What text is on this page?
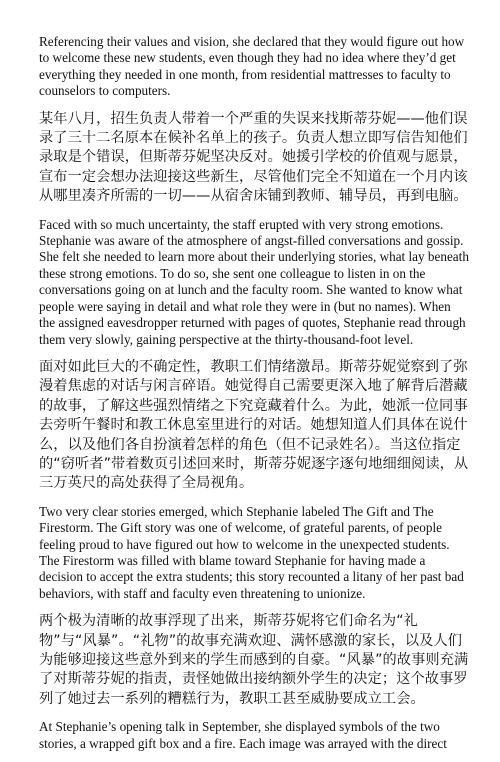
Referencing their values and vision, she declared that they would figure out how to welcome these new students, even though they had no idea where they’d get everything they needed in one month, from residential mattresses to faculty to counselors to computers.

某年八月，招生负责人带着一个严重的失误来找斯蒂芬妮——他们误录了三十二名原本在候补名单上的孩子。负责人想立即写信告知他们录取是个错误，但斯蒂芬妮坚决反对。她援引学校的价值观与愿景，宣布一定会想办法迎接这些新生，尽管他们完全不知道在一个月内该从哪里凑齐所需的一切——从宿舍床铺到教师、辅导员，再到电脑。

Faced with so much uncertainty, the staff erupted with very strong emotions. Stephanie was aware of the atmosphere of angst-filled conversations and gossip. She felt she needed to learn more about their underlying stories, what lay beneath these strong emotions. To do so, she sent one colleague to listen in on the conversations going on at lunch and the faculty room. She wanted to know what people were saying in detail and what role they were in (but no names). When the assigned eavesdropper returned with pages of quotes, Stephanie read through them very slowly, gaining perspective at the thirty-thousand-foot level.

面对如此巨大的不确定性，教职工们情绪激昂。斯蒂芬妮觉察到了弥漫着焦虑的对话与闲言碎语。她觉得自己需要更深入地了解背后潜藏的故事，了解这些强烈情绪之下究竟藏着什么。为此，她派一位同事去旁听午餐时和教工休息室里进行的对话。她想知道人们具体在说什么，以及他们各自扮演着怎样的角色（但不记录姓名）。当这位指定的“窃听者”带着数页引述回来时，斯蒂芬妮逐字逐句地细细阅读，从三万英尺的高处获得了全局视角。

Two very clear stories emerged, which Stephanie labeled The Gift and The Firestorm. The Gift story was one of welcome, of grateful parents, of people feeling proud to have figured out how to welcome in the unexpected students. The Firestorm was filled with blame toward Stephanie for having made a decision to accept the extra students; this story recounted a litany of her past bad behaviors, with staff and faculty even threatening to unionize.

两个极为清晰的故事浮现了出来，斯蒂芬妮将它们命名为“礼物”与“风暴”。“礼物”的故事充满欢迎、满怀感激的家长，以及人们为能够迎接这些意外到来的学生而感到的自豪。“风暴”的故事则充满了对斯蒂芬妮的指责，责怪她做出接纳额外学生的决定；这个故事罗列了她过去一系列的糟糕行为，教职工甚至威胁要成立工会。

At Stephanie’s opening talk in September, she displayed symbols of the two stories, a wrapped gift box and a fire. Each image was arrayed with the direct
